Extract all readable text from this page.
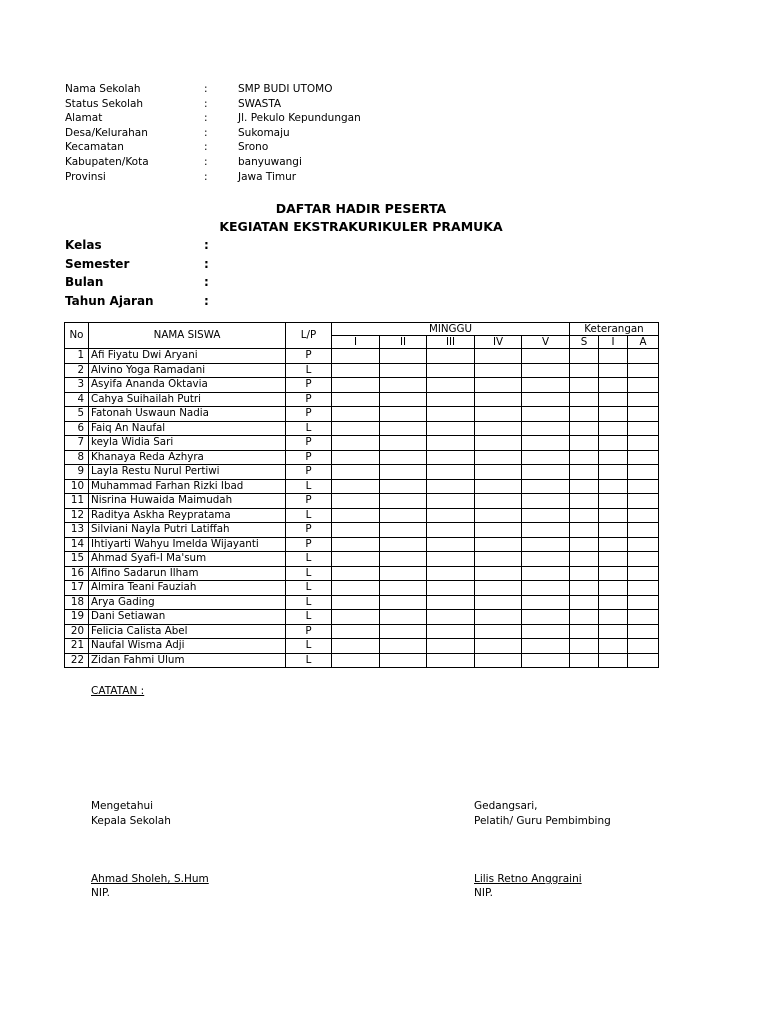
Nama Sekolah	:	SMP BUDI UTOMO
Status Sekolah	:	SWASTA
Alamat	:	Jl. Pekulo Kepundungan
Desa/Kelurahan	:	Sukomaju
Kecamatan	:	Srono
Kabupaten/Kota	:	banyuwangi
Provinsi	:	Jawa Timur
DAFTAR HADIR PESERTA
KEGIATAN EKSTRAKURIKULER PRAMUKA
Kelas	:
Semester	:
Bulan	:
Tahun Ajaran	:
No	NAMA SISWA	L/P	MINGGU					Keterangan		
			I	II	III	IV	V	S	I	A
1	Afi Fiyatu Dwi Aryani	P								
2	Alvino Yoga Ramadani	L								
3	Asyifa Ananda Oktavia	P								
4	Cahya Suihailah Putri	P								
5	Fatonah Uswaun Nadia	P								
6	Faiq An Naufal	L								
7	keyla Widia Sari	P								
8	Khanaya Reda Azhyra	P								
9	Layla Restu Nurul Pertiwi	P								
10	Muhammad Farhan Rizki Ibad	L								
11	Nisrina Huwaida Maimudah	P								
12	Raditya Askha Reypratama	L								
13	Silviani Nayla Putri Latiffah	P								
14	Ihtiyarti Wahyu Imelda Wijayanti	P								
15	Ahmad Syafi-I Ma'sum	L								
16	Alfino Sadarun Ilham	L								
17	Almira Teani Fauziah	L								
18	Arya Gading	L								
19	Dani Setiawan	L								
20	Felicia Calista Abel	P								
21	Naufal Wisma Adji	L								
22	Zidan Fahmi Ulum	L								
CATATAN :
Mengetahui
Kepala Sekolah
Ahmad Sholeh, S.Hum
NIP.
Gedangsari,
Pelatih/ Guru Pembimbing
Lilis Retno Anggraini
NIP.
